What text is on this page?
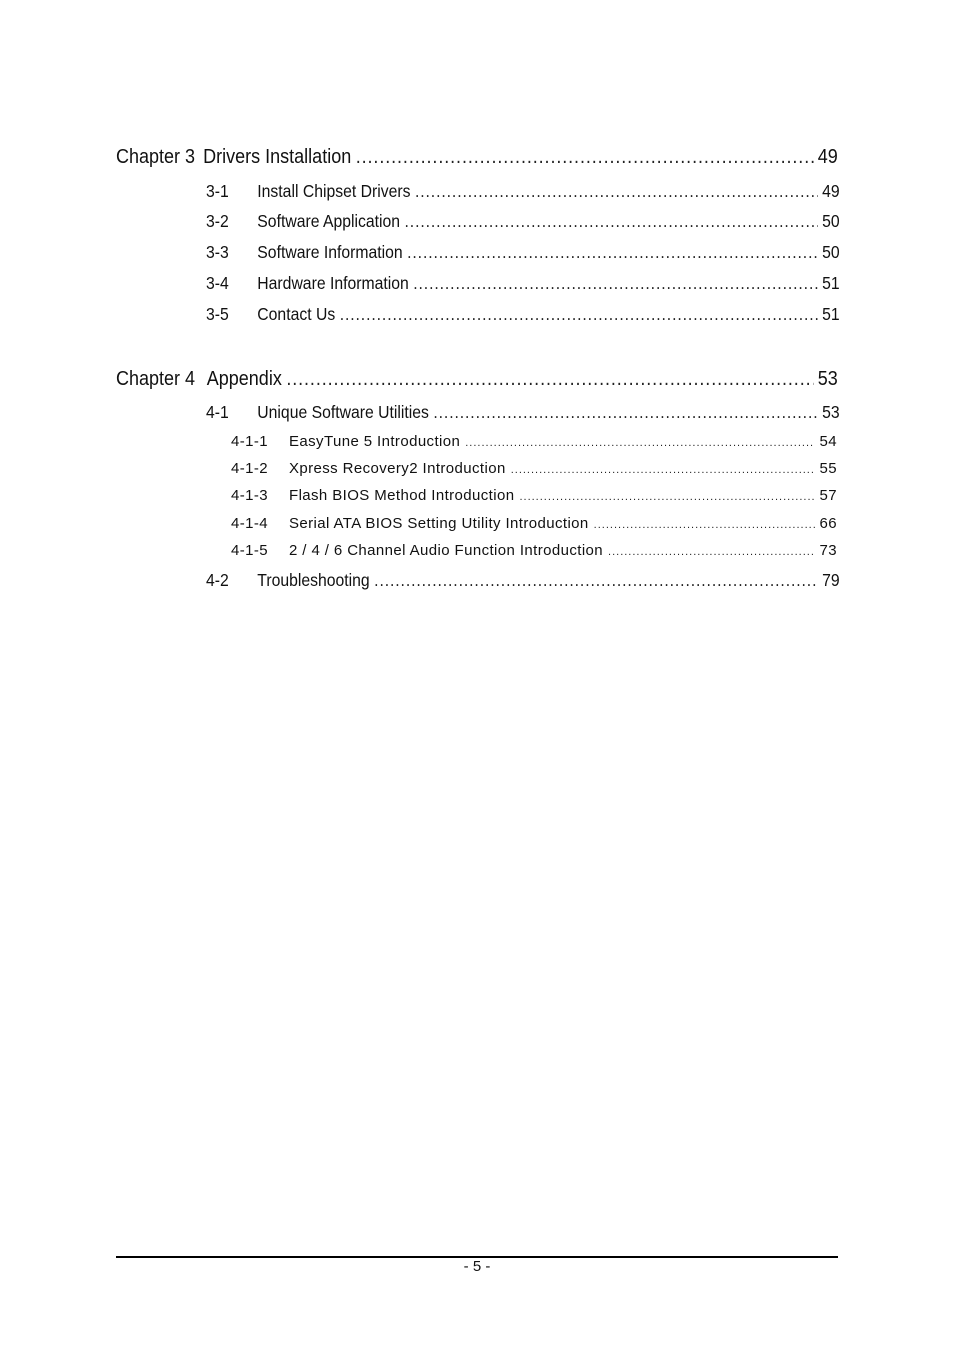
Chapter 3 Drivers Installation .....	49
3-1	Install Chipset Drivers .....	49
3-2	Software Application .....	50
3-3	Software Information .....	50
3-4	Hardware Information .....	51
3-5	Contact Us .....	51
Chapter 4 Appendix .....	53
4-1	Unique Software Utilities .....	53
4-1-1	EasyTune 5 Introduction .....	54
4-1-2	Xpress Recovery2 Introduction .....	55
4-1-3	Flash BIOS Method Introduction .....	57
4-1-4	Serial ATA BIOS Setting Utility Introduction .....	66
4-1-5	2 / 4 / 6 Channel Audio Function Introduction .....	73
4-2	Troubleshooting .....	79
- 5 -
